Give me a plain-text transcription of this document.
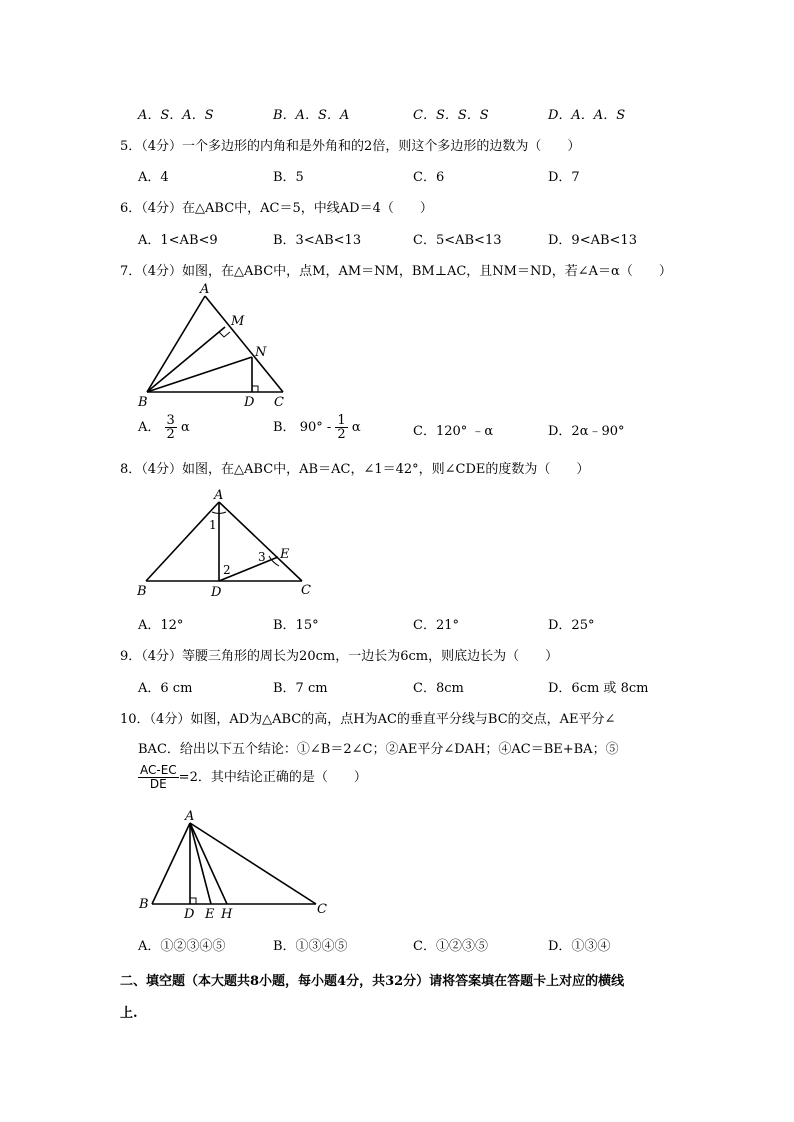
A．S．A．S	B．A．S．A	C．S．S．S	D．A．A．S
5．（4分）一个多边形的内角和是外角和的2倍，则这个多边形的边数为（　　）
A．4	B．5	C．6	D．7
6．（4分）在△ABC中，AC＝5，中线AD＝4（　　）
A．1<AB<9	B．3<AB<13	C．5<AB<13	D．9<AB<13
7．（4分）如图，在△ABC中，点M，AM＝NM，BM⊥AC，且NM＝ND，若∠A＝α（　　）
A
M
N
B	D C
A． $\frac{3}{2}$ α	B． $90^\circ - \frac{1}{2}$ α	C．120° ﹣α	D．2α﹣90°
8．（4分）如图，在△ABC中，AB＝AC，∠1＝42°，则∠CDE的度数为（　　）
A
1
2
3 E
B	D	C
A．12°	B．15°	C．21°	D．25°
9．（4分）等腰三角形的周长为20cm，一边长为6cm，则底边长为（　　）
A．6 cm	B．7 cm	C．8cm	D．6cm 或 8cm
10．（4分）如图，AD为△ABC的高，点H为AC的垂直平分线与BC的交点，AE平分∠
BAC．给出以下五个结论：①∠B＝2∠C；②AE平分∠DAH；④AC＝BE+BA；⑤
$\frac{AC-EC}{DE} =2$．其中结论正确的是（　　）
A
B
D E H	C
A．①②③④⑤	B．①③④⑤	C．①②③⑤	D．①③④
二、填空题（本大题共8小题，每小题4分，共32分）请将答案填在答题卡上对应的横线
上.
